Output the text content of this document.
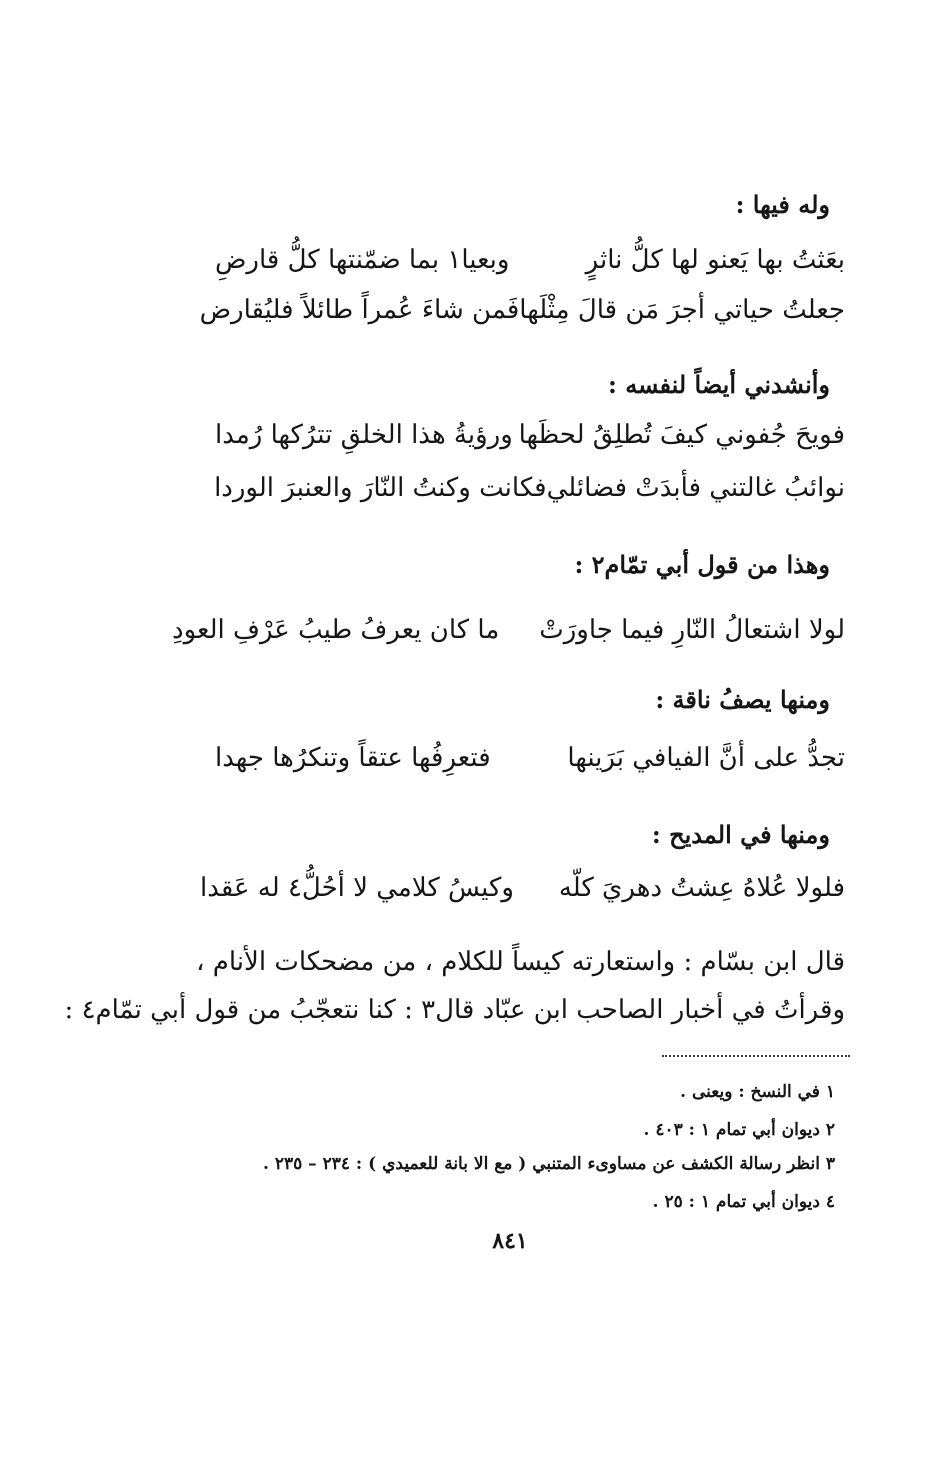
وله فيها :
بعَثتُ بها يَعنو لها كلُّ ناثرٍ
وبعيا١ بما ضمّنتها كلُّ قارضِ
جعلتُ حياتي أجرَ مَن قالَ مِثْلَها
فَمن شاءَ عُمراً طائلاً فليُقارض
وأنشدني أيضاً لنفسه :
فويحَ جُفوني كيفَ تُطلِقُ لحظَها
ورؤيةُ هذا الخلقِ تترُكها رُمدا
نوائبُ غالتني فأبدَتْ فضائلي
فكانت وكنتُ النّارَ والعنبرَ الوردا
وهذا من قول أبي تمّام٢ :
لولا اشتعالُ النّارِ فيما جاورَتْ
ما كان يعرفُ طيبُ عَرْفِ العودِ
ومنها يصفُ ناقة :
تجدُّ على أنَّ الفيافي بَرَينها
فتعرِفُها عتقاً وتنكرُها جهدا
ومنها في المديح :
فلولا عُلاهُ عِشتُ دهريَ كلّه
وكيسُ كلامي لا أحُلُّ٤ له عَقدا
قال ابن بسّام : واستعارته كيساً للكلام ، من مضحكات الأنام ،
وقرأتُ في أخبار الصاحب ابن عبّاد قال٣ : كنا نتعجّبُ من قول أبي تمّام٤ :
١ في النسخ : ويعنى .
٢ ديوان أبي تمام ١ : ٤٠٣ .
٣ انظر رسالة الكشف عن مساوىء المتنبي ( مع الا بانة للعميدي ) : ٢٣٤ – ٢٣٥ .
٤ ديوان أبي تمام ١ : ٢٥ .
٨٤١
